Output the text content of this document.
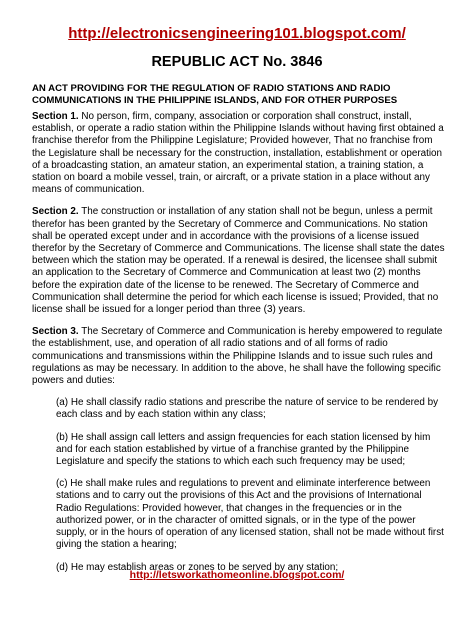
http://electronicsengineering101.blogspot.com/
REPUBLIC ACT No. 3846
AN ACT PROVIDING FOR THE REGULATION OF RADIO STATIONS AND RADIO COMMUNICATIONS IN THE PHILIPPINE ISLANDS, AND FOR OTHER PURPOSES

Section 1. No person, firm, company, association or corporation shall construct, install, establish, or operate a radio station within the Philippine Islands without having first obtained a franchise therefor from the Philippine Legislature; Provided however, That no franchise from the Legislature shall be necessary for the construction, installation, establishment or operation of a broadcasting station, an amateur station, an experimental station, a training station, a station on board a mobile vessel, train, or aircraft, or a private station in a place without any means of communication.

Section 2. The construction or installation of any station shall not be begun, unless a permit therefor has been granted by the Secretary of Commerce and Communications. No station shall be operated except under and in accordance with the provisions of a license issued therefor by the Secretary of Commerce and Communications. The license shall state the dates between which the station may be operated. If a renewal is desired, the licensee shall submit an application to the Secretary of Commerce and Communication at least two (2) months before the expiration date of the license to be renewed. The Secretary of Commerce and Communication shall determine the period for which each license is issued; Provided, that no license shall be issued for a longer period than three (3) years.

Section 3. The Secretary of Commerce and Communication is hereby empowered to regulate the establishment, use, and operation of all radio stations and of all forms of radio communications and transmissions within the Philippine Islands and to issue such rules and regulations as may be necessary. In addition to the above, he shall have the following specific powers and duties:

(a) He shall classify radio stations and prescribe the nature of service to be rendered by each class and by each station within any class;

(b) He shall assign call letters and assign frequencies for each station licensed by him and for each station established by virtue of a franchise granted by the Philippine Legislature and specify the stations to which each such frequency may be used;

(c) He shall make rules and regulations to prevent and eliminate interference between stations and to carry out the provisions of this Act and the provisions of International Radio Regulations: Provided however, that changes in the frequencies or in the authorized power, or in the character of omitted signals, or in the type of the power supply, or in the hours of operation of any licensed station, shall not be made without first giving the station a hearing;

(d) He may establish areas or zones to be served by any station;

http://letsworkathomeonline.blogspot.com/
